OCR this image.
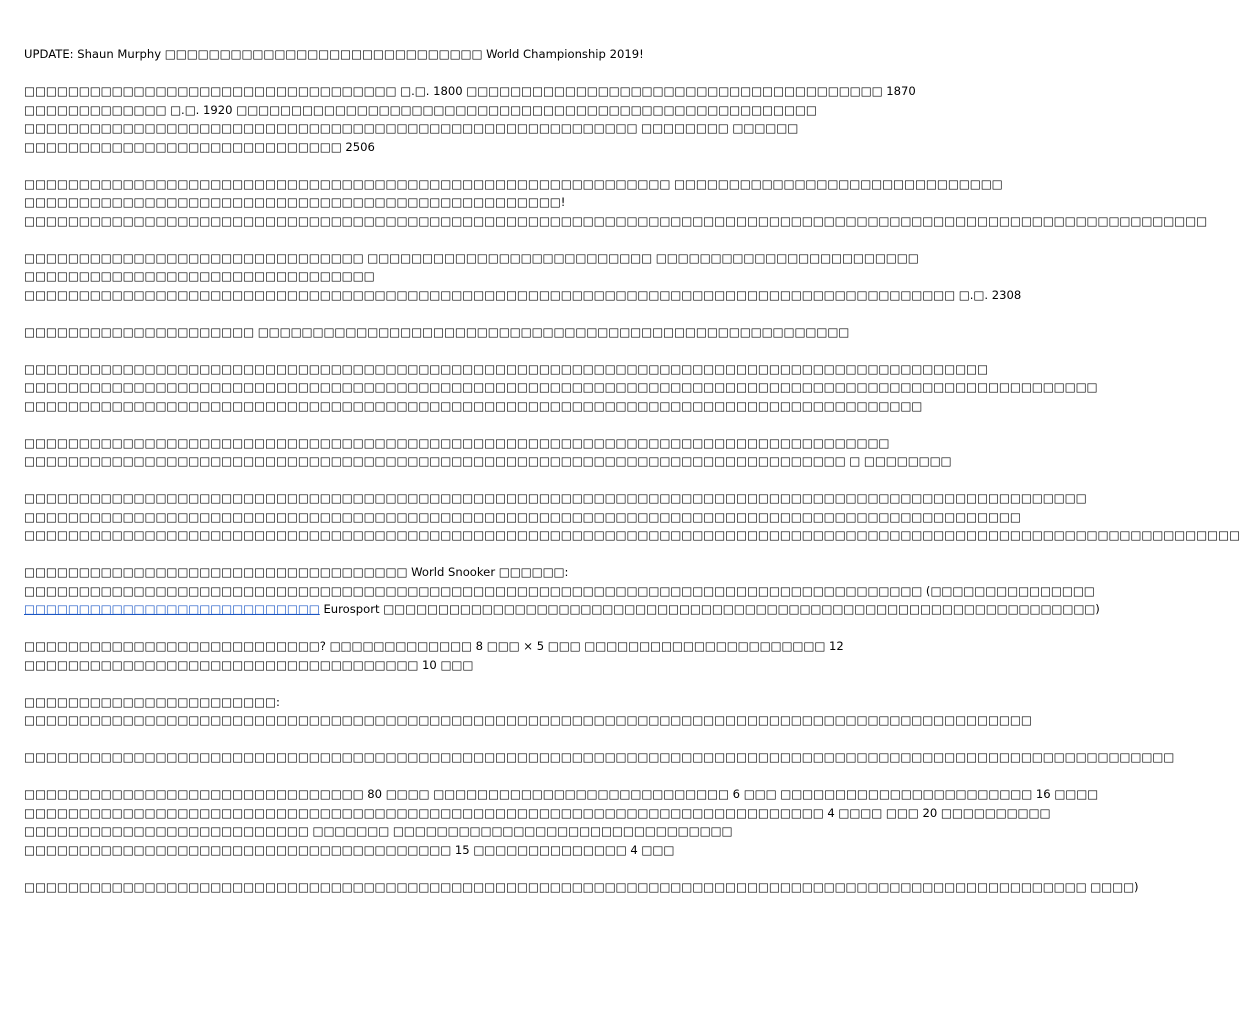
UPDATE: Shaun Murphy □□□□□□□□□□□□□□□□□□□□□□□□□□□□□ World Championship 2019!
□□□□□□□□□□□□□□□□□□□□□□□□□□□□□□□□□□ □.□. 1800 □□□□□□□□□□□□□□□□□□□□□□□□□□□□□□□□□□□□□□ 1870
□□□□□□□□□□□□□ □.□. 1920 □□□□□□□□□□□□□□□□□□□□□□□□□□□□□□□□□□□□□□□□□□□□□□□□□□□□□
□□□□□□□□□□□□□□□□□□□□□□□□□□□□□□□□□□□□□□□□□□□□□□□□□□□□□□□□ □□□□□□□□ □□□□□□
□□□□□□□□□□□□□□□□□□□□□□□□□□□□□ 2506
□□□□□□□□□□□□□□□□□□□□□□□□□□□□□□□□□□□□□□□□□□□□□□□□□□□□□□□□□□□ □□□□□□□□□□□□□□□□□□□□□□□□□□□□□□
□□□□□□□□□□□□□□□□□□□□□□□□□□□□□□□□□□□□□□□□□□□□□□□□□!
□□□□□□□□□□□□□□□□□□□□□□□□□□□□□□□□□□□□□□□□□□□□□□□□□□□□□□□□□□□□□□□□□□□□□□□□□□□□□□□□□□□□□□□□□□□□□□□□□□□□□□□□□□□□
□□□□□□□□□□□□□□□□□□□□□□□□□□□□□□□ □□□□□□□□□□□□□□□□□□□□□□□□□□ □□□□□□□□□□□□□□□□□□□□□□□□
□□□□□□□□□□□□□□□□□□□□□□□□□□□□□□□□
□□□□□□□□□□□□□□□□□□□□□□□□□□□□□□□□□□□□□□□□□□□□□□□□□□□□□□□□□□□□□□□□□□□□□□□□□□□□□□□□□□□□□ □.□. 2308
□□□□□□□□□□□□□□□□□□□□□ □□□□□□□□□□□□□□□□□□□□□□□□□□□□□□□□□□□□□□□□□□□□□□□□□□□□□□
□□□□□□□□□□□□□□□□□□□□□□□□□□□□□□□□□□□□□□□□□□□□□□□□□□□□□□□□□□□□□□□□□□□□□□□□□□□□□□□□□□□□□□□□
□□□□□□□□□□□□□□□□□□□□□□□□□□□□□□□□□□□□□□□□□□□□□□□□□□□□□□□□□□□□□□□□□□□□□□□□□□□□□□□□□□□□□□□□□□□□□□□□□□
□□□□□□□□□□□□□□□□□□□□□□□□□□□□□□□□□□□□□□□□□□□□□□□□□□□□□□□□□□□□□□□□□□□□□□□□□□□□□□□□□□
□□□□□□□□□□□□□□□□□□□□□□□□□□□□□□□□□□□□□□□□□□□□□□□□□□□□□□□□□□□□□□□□□□□□□□□□□□□□□□□
□□□□□□□□□□□□□□□□□□□□□□□□□□□□□□□□□□□□□□□□□□□□□□□□□□□□□□□□□□□□□□□□□□□□□□□□□□□ □ □□□□□□□□
□□□□□□□□□□□□□□□□□□□□□□□□□□□□□□□□□□□□□□□□□□□□□□□□□□□□□□□□□□□□□□□□□□□□□□□□□□□□□□□□□□□□□□□□□□□□□□□□□
□□□□□□□□□□□□□□□□□□□□□□□□□□□□□□□□□□□□□□□□□□□□□□□□□□□□□□□□□□□□□□□□□□□□□□□□□□□□□□□□□□□□□□□□□□□
□□□□□□□□□□□□□□□□□□□□□□□□□□□□□□□□□□□□□□□□□□□□□□□□□□□□□□□□□□□□□□□□□□□□□□□□□□□□□□□□□□□□□□□□□□□□□□□□□□□□□□□□□□□□□□□
□□□□□□□□□□□□□□□□□□□□□□□□□□□□□□□□□□□ World Snooker □□□□□□:
□□□□□□□□□□□□□□□□□□□□□□□□□□□□□□□□□□□□□□□□□□□□□□□□□□□□□□□□□□□□□□□□□□□□□□□□□□□□□□□□□□ (□□□□□□□□□□□□□□□
□□□□□□□□□□□□□□□□□□□□□□□□□□□ Eurosport □□□□□□□□□□□□□□□□□□□□□□□□□□□□□□□□□□□□□□□□□□□□□□□□□□□□□□□□□□□□□□□□□)
□□□□□□□□□□□□□□□□□□□□□□□□□□□? □□□□□□□□□□□□□ 8 □□□ × 5 □□□ □□□□□□□□□□□□□□□□□□□□□□ 12
□□□□□□□□□□□□□□□□□□□□□□□□□□□□□□□□□□□□ 10 □□□
□□□□□□□□□□□□□□□□□□□□□□□:
□□□□□□□□□□□□□□□□□□□□□□□□□□□□□□□□□□□□□□□□□□□□□□□□□□□□□□□□□□□□□□□□□□□□□□□□□□□□□□□□□□□□□□□□□□□□
□□□□□□□□□□□□□□□□□□□□□□□□□□□□□□□□□□□□□□□□□□□□□□□□□□□□□□□□□□□□□□□□□□□□□□□□□□□□□□□□□□□□□□□□□□□□□□□□□□□□□□□□□
□□□□□□□□□□□□□□□□□□□□□□□□□□□□□□□ 80 □□□□ □□□□□□□□□□□□□□□□□□□□□□□□□□□ 6 □□□ □□□□□□□□□□□□□□□□□□□□□□□ 16 □□□□
□□□□□□□□□□□□□□□□□□□□□□□□□□□□□□□□□□□□□□□□□□□□□□□□□□□□□□□□□□□□□□□□□□□□□□□□□ 4 □□□□ □□□ 20 □□□□□□□□□□
□□□□□□□□□□□□□□□□□□□□□□□□□□ □□□□□□□ □□□□□□□□□□□□□□□□□□□□□□□□□□□□□□□
□□□□□□□□□□□□□□□□□□□□□□□□□□□□□□□□□□□□□□□ 15 □□□□□□□□□□□□□□ 4 □□□
□□□□□□□□□□□□□□□□□□□□□□□□□□□□□□□□□□□□□□□□□□□□□□□□□□□□□□□□□□□□□□□□□□□□□□□□□□□□□□□□□□□□□□□□□□□□□□□□□ □□□□)
